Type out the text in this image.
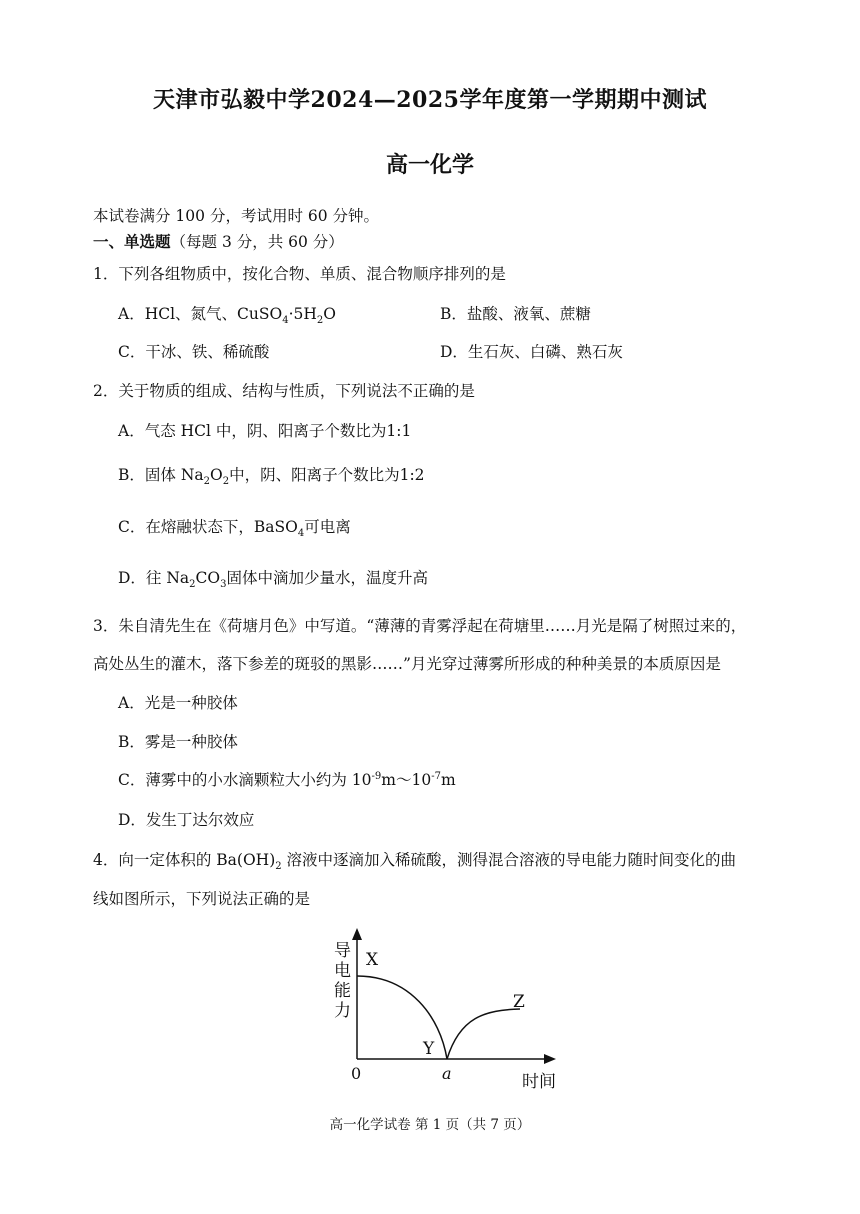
天津市弘毅中学2024—2025学年度第一学期期中测试
高一化学
本试卷满分 100 分，考试用时 60 分钟。
一、单选题（每题 3 分，共 60 分）
1．下列各组物质中，按化合物、单质、混合物顺序排列的是
A．HCl、氮气、$CuSO_4\cdot 5H_2O$	B．盐酸、液氧、蔗糖
C．干冰、铁、稀硫酸	D．生石灰、白磷、熟石灰
2．关于物质的组成、结构与性质，下列说法不正确的是
A．气态 HCl 中，阴、阳离子个数比为1:1
B．固体 $Na_2O_2$中，阴、阳离子个数比为1:2
C．在熔融状态下，BaSO$_4$可电离
D．往 $Na_2CO_3$固体中滴加少量水，温度升高
3．朱自清先生在《荷塘月色》中写道。“薄薄的青雾浮起在荷塘里……月光是隔了树照过来的，
高处丛生的灌木，落下参差的斑驳的黑影……”月光穿过薄雾所形成的种种美景的本质原因是
A．光是一种胶体
B．雾是一种胶体
C．薄雾中的小水滴颗粒大小约为 $10^{-9}m\sim 10^{-7}m$
D．发生丁达尔效应
4．向一定体积的 $Ba(OH)_2$ 溶液中逐滴加入稀硫酸，测得混合溶液的导电能力随时间变化的曲
线如图所示，下列说法正确的是
导
电
能
力
X
Y
Z
0	a	时间
高一化学试卷 第 1 页（共 7 页）
